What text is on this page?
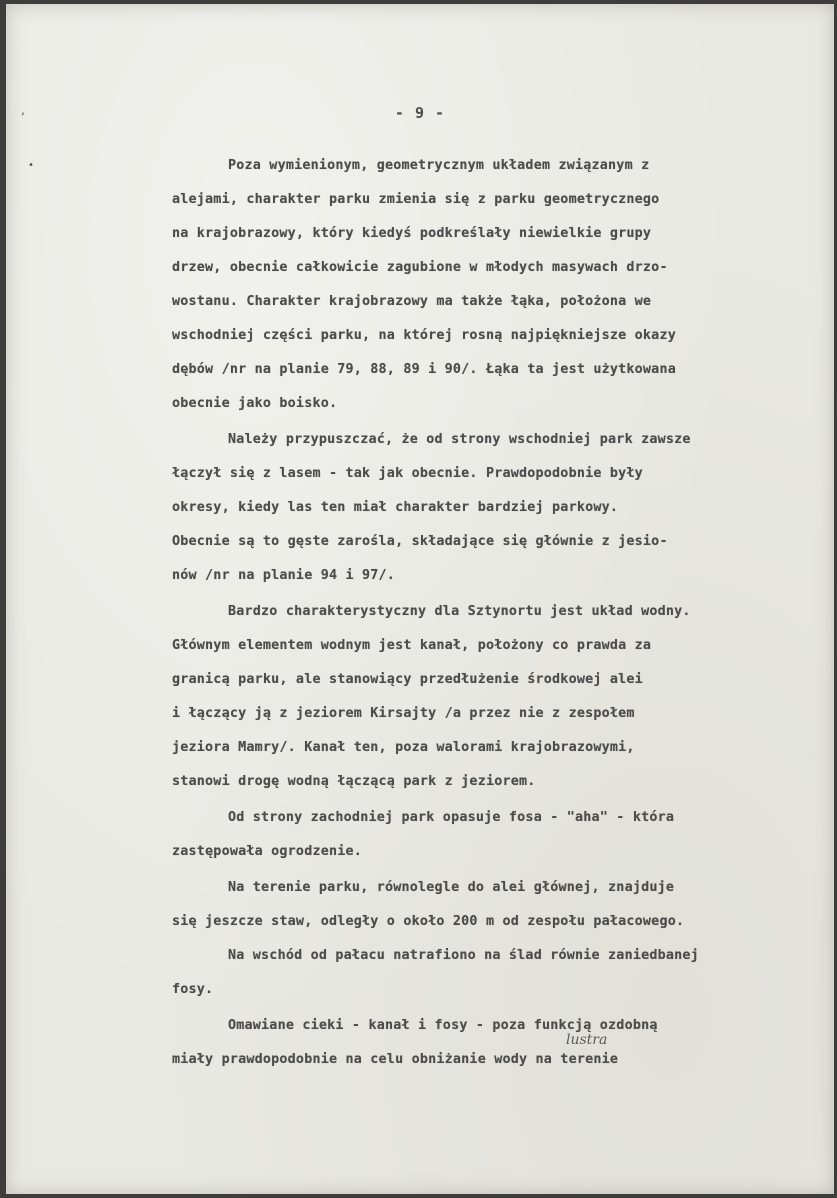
,
•
- 9 -
Poza wymienionym, geometrycznym układem związanym z
alejami, charakter parku zmienia się z parku geometrycznego
na krajobrazowy, który kiedyś podkreślały niewielkie grupy
drzew, obecnie całkowicie zagubione w młodych masywach drzo-
wostanu. Charakter krajobrazowy ma także łąka, położona we
wschodniej części parku, na której rosną najpiękniejsze okazy
dębów /nr na planie 79, 88, 89 i 90/. Łąka ta jest użytkowana
obecnie jako boisko.
Należy przypuszczać, że od strony wschodniej park zawsze
łączył się z lasem - tak jak obecnie. Prawdopodobnie były
okresy, kiedy las ten miał charakter bardziej parkowy.
Obecnie są to gęste zarośla, składające się głównie z jesio-
nów /nr na planie 94 i 97/.
Bardzo charakterystyczny dla Sztynortu jest układ wodny.
Głównym elementem wodnym jest kanał, położony co prawda za
granicą parku, ale stanowiący przedłużenie środkowej alei
i łączący ją z jeziorem Kirsajty /a przez nie z zespołem
jeziora Mamry/. Kanał ten, poza walorami krajobrazowymi,
stanowi drogę wodną łączącą park z jeziorem.
Od strony zachodniej park opasuje fosa - "aha" - która
zastępowała ogrodzenie.
Na terenie parku, równolegle do alei głównej, znajduje
się jeszcze staw, odległy o około 200 m od zespołu pałacowego.
Na wschód od pałacu natrafiono na ślad równie zaniedbanej
fosy.
Omawiane cieki - kanał i fosy - poza funkcją ozdobną
miały prawdopodobnie na celu obniżanie wody na terenie
lustra
